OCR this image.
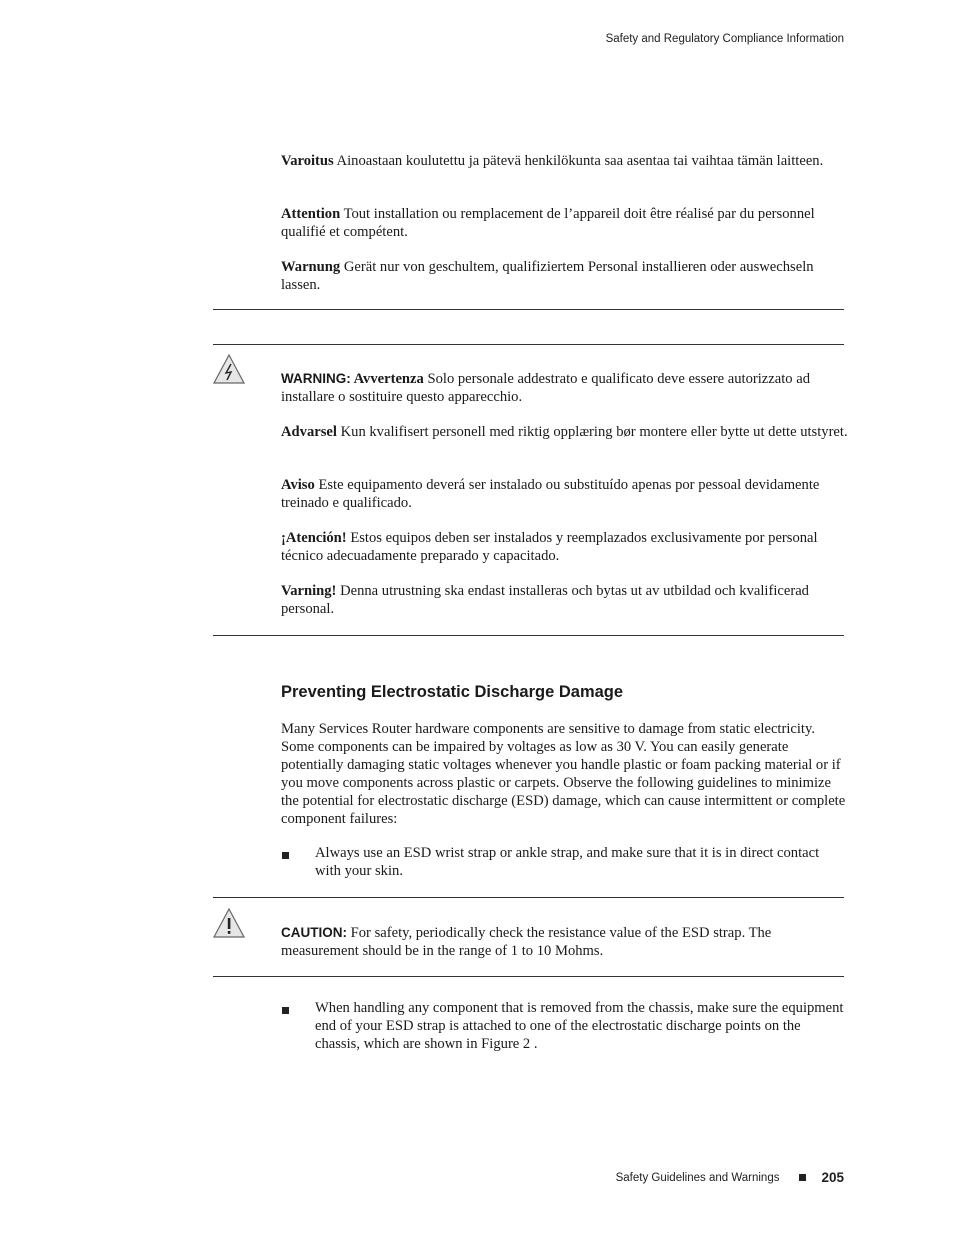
Safety and Regulatory Compliance Information
Varoitus Ainoastaan koulutettu ja pätevä henkilökunta saa asentaa tai vaihtaa tämän laitteen.
Attention Tout installation ou remplacement de l’appareil doit être réalisé par du personnel qualifié et compétent.
Warnung Gerät nur von geschultem, qualifiziertem Personal installieren oder auswechseln lassen.
WARNING: Avvertenza Solo personale addestrato e qualificato deve essere autorizzato ad installare o sostituire questo apparecchio.
Advarsel Kun kvalifisert personell med riktig opplæring bør montere eller bytte ut dette utstyret.
Aviso Este equipamento deverá ser instalado ou substituído apenas por pessoal devidamente treinado e qualificado.
¡Atención! Estos equipos deben ser instalados y reemplazados exclusivamente por personal técnico adecuadamente preparado y capacitado.
Varning! Denna utrustning ska endast installeras och bytas ut av utbildad och kvalificerad personal.
Preventing Electrostatic Discharge Damage
Many Services Router hardware components are sensitive to damage from static electricity. Some components can be impaired by voltages as low as 30 V. You can easily generate potentially damaging static voltages whenever you handle plastic or foam packing material or if you move components across plastic or carpets. Observe the following guidelines to minimize the potential for electrostatic discharge (ESD) damage, which can cause intermittent or complete component failures:
Always use an ESD wrist strap or ankle strap, and make sure that it is in direct contact with your skin.
CAUTION: For safety, periodically check the resistance value of the ESD strap. The measurement should be in the range of 1 to 10 Mohms.
When handling any component that is removed from the chassis, make sure the equipment end of your ESD strap is attached to one of the electrostatic discharge points on the chassis, which are shown in Figure 2 .
Safety Guidelines and Warnings	205
